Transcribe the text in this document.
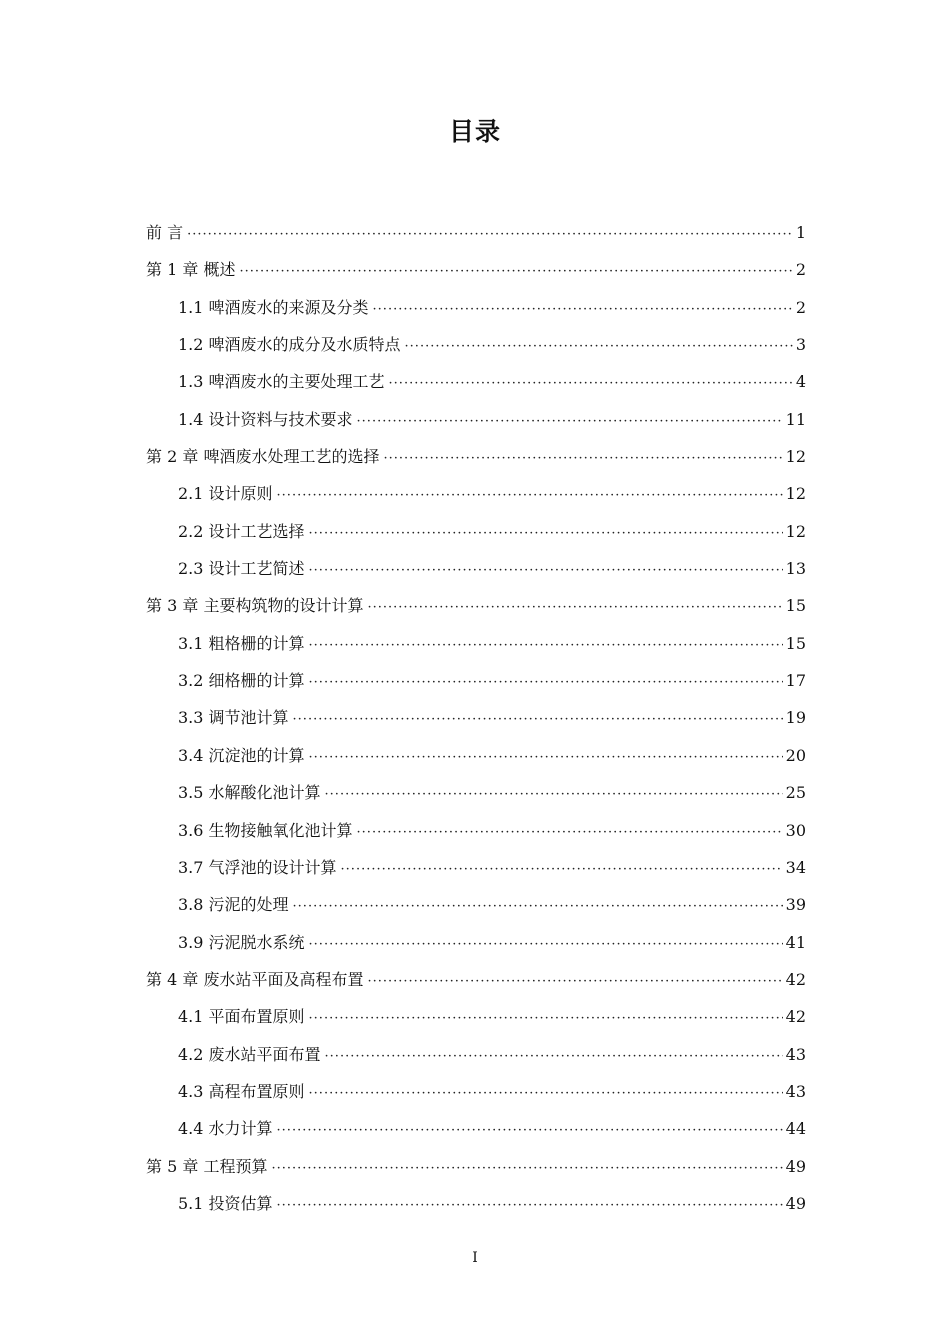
目录
前 言 ·····	1
第 1 章 概述 ·····	2
1.1 啤酒废水的来源及分类 ·····	2
1.2 啤酒废水的成分及水质特点 ·····	3
1.3 啤酒废水的主要处理工艺 ·····	4
1.4 设计资料与技术要求 ·····	11
第 2 章 啤酒废水处理工艺的选择 ·····	12
2.1 设计原则 ·····	12
2.2 设计工艺选择 ·····	12
2.3 设计工艺简述 ·····	13
第 3 章 主要构筑物的设计计算 ·····	15
3.1 粗格栅的计算 ·····	15
3.2 细格栅的计算 ·····	17
3.3 调节池计算 ·····	19
3.4 沉淀池的计算 ·····	20
3.5 水解酸化池计算 ·····	25
3.6 生物接触氧化池计算 ·····	30
3.7 气浮池的设计计算 ·····	34
3.8 污泥的处理 ·····	39
3.9 污泥脱水系统 ·····	41
第 4 章 废水站平面及高程布置 ·····	42
4.1 平面布置原则 ·····	42
4.2 废水站平面布置 ·····	43
4.3 高程布置原则 ·····	43
4.4 水力计算 ·····	44
第 5 章 工程预算 ·····	49
5.1 投资估算 ·····	49
I
